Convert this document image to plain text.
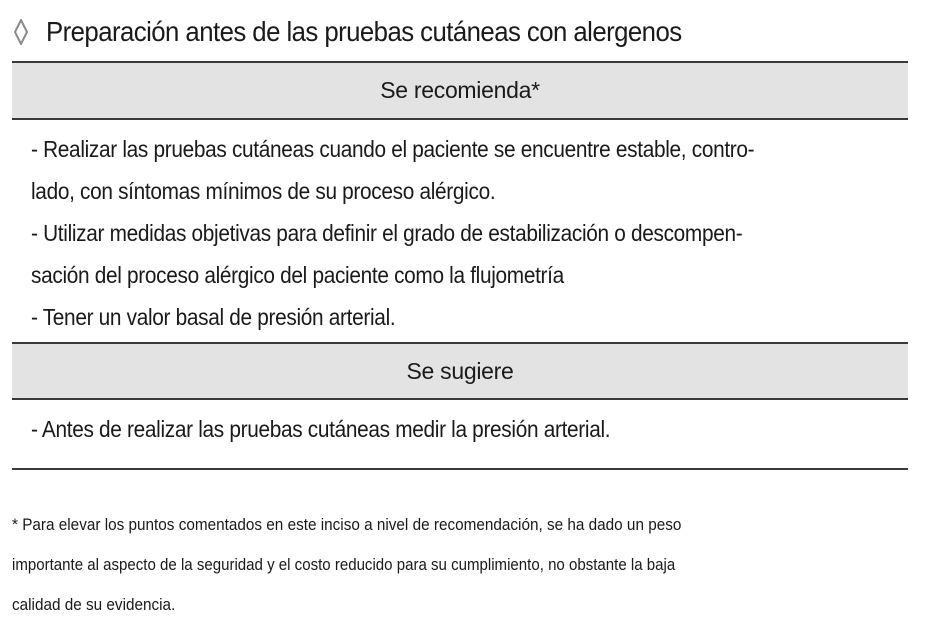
Preparación antes de las pruebas cutáneas con alergenos
Se recomienda*
- Realizar las pruebas cutáneas cuando el paciente se encuentre estable, contro-
lado, con síntomas mínimos de su proceso alérgico.
- Utilizar medidas objetivas para definir el grado de estabilización o descompen-
sación del proceso alérgico del paciente como la flujometría
- Tener un valor basal de presión arterial.
Se sugiere
- Antes de realizar las pruebas cutáneas medir la presión arterial.
* Para elevar los puntos comentados en este inciso a nivel de recomendación, se ha dado un peso
importante al aspecto de la seguridad y el costo reducido para su cumplimiento, no obstante la baja
calidad de su evidencia.
